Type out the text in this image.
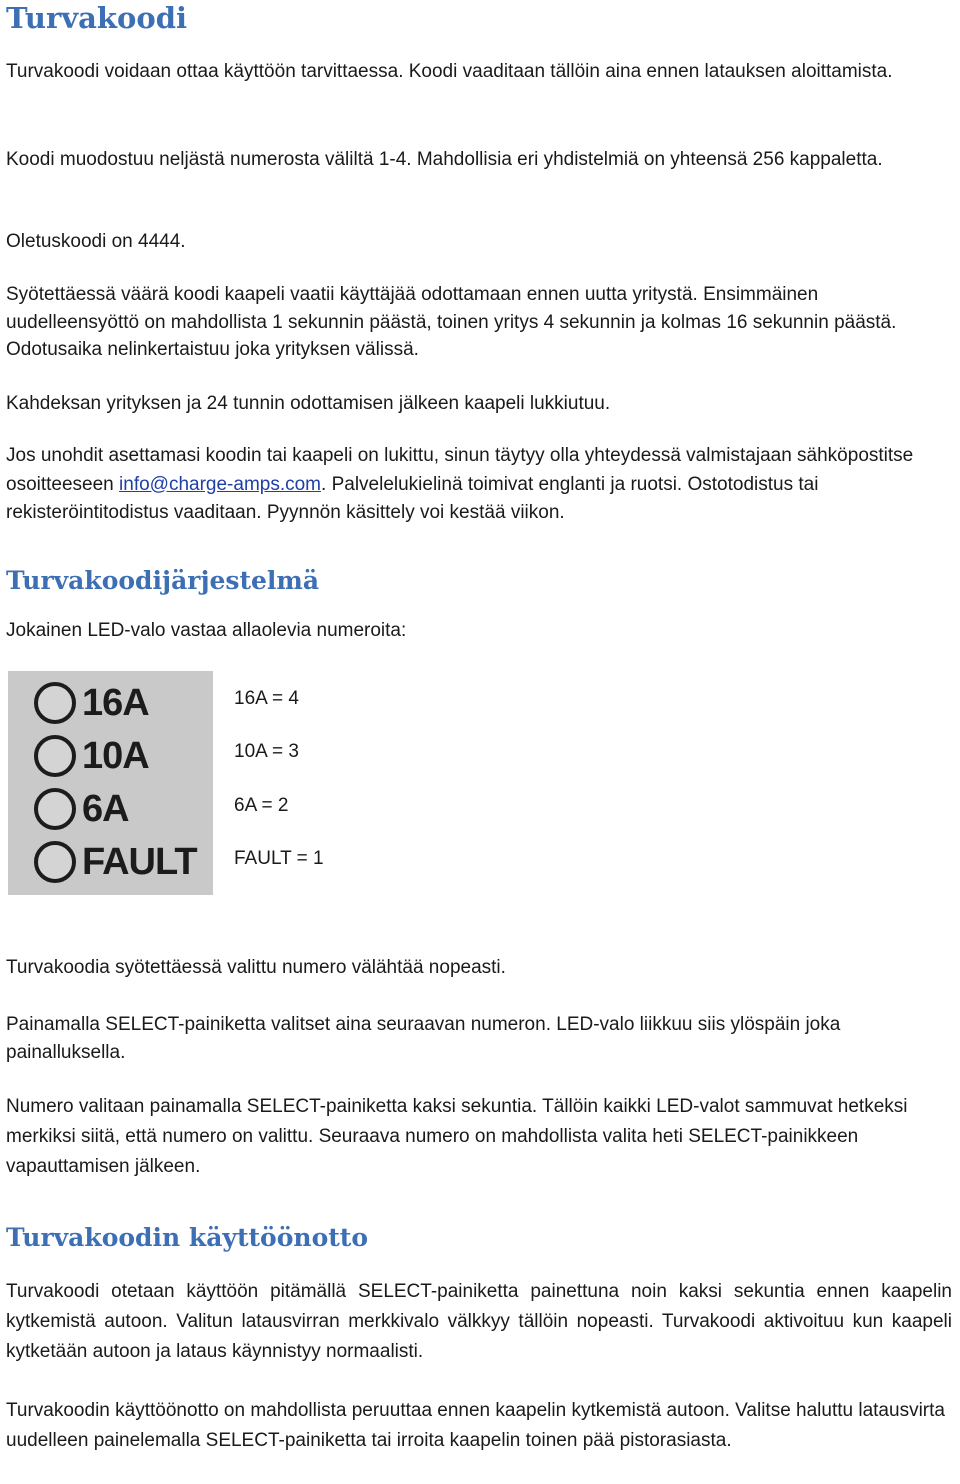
Turvakoodi
Turvakoodi voidaan ottaa käyttöön tarvittaessa. Koodi vaaditaan tällöin aina ennen latauksen aloittamista.
Koodi muodostuu neljästä numerosta väliltä 1-4. Mahdollisia eri yhdistelmiä on yhteensä 256 kappaletta.
Oletuskoodi on 4444.
Syötettäessä väärä koodi kaapeli vaatii käyttäjää odottamaan ennen uutta yritystä. Ensimmäinen uudelleensyöttö on mahdollista 1 sekunnin päästä, toinen yritys 4 sekunnin ja kolmas 16 sekunnin päästä. Odotusaika nelinkertaistuu joka yrityksen välissä.
Kahdeksan yrityksen ja 24 tunnin odottamisen jälkeen kaapeli lukkiutuu.
Jos unohdit asettamasi koodin tai kaapeli on lukittu, sinun täytyy olla yhteydessä valmistajaan sähköpostitse osoitteeseen info@charge-amps.com. Palvelelukielinä toimivat englanti ja ruotsi. Ostotodistus tai rekisteröintitodistus vaaditaan. Pyynnön käsittely voi kestää viikon.
Turvakoodijärjestelmä
Jokainen LED-valo vastaa allaolevia numeroita:
16A
10A
6A
FAULT
16A = 4
10A = 3
6A = 2
FAULT = 1
Turvakoodia syötettäessä valittu numero välähtää nopeasti.
Painamalla SELECT-painiketta valitset aina seuraavan numeron. LED-valo liikkuu siis ylöspäin joka painalluksella.
Numero valitaan painamalla SELECT-painiketta kaksi sekuntia. Tällöin kaikki LED-valot sammuvat hetkeksi merkiksi siitä, että numero on valittu. Seuraava numero on mahdollista valita heti SELECT-painikkeen vapauttamisen jälkeen.
Turvakoodin käyttöönotto
Turvakoodi otetaan käyttöön pitämällä SELECT-painiketta painettuna noin kaksi sekuntia ennen kaapelin kytkemistä autoon. Valitun latausvirran merkkivalo välkkyy tällöin nopeasti. Turvakoodi aktivoituu kun kaapeli kytketään autoon ja lataus käynnistyy normaalisti.
Turvakoodin käyttöönotto on mahdollista peruuttaa ennen kaapelin kytkemistä autoon. Valitse haluttu latausvirta uudelleen painelemalla SELECT-painiketta tai irroita kaapelin toinen pää pistorasiasta.
